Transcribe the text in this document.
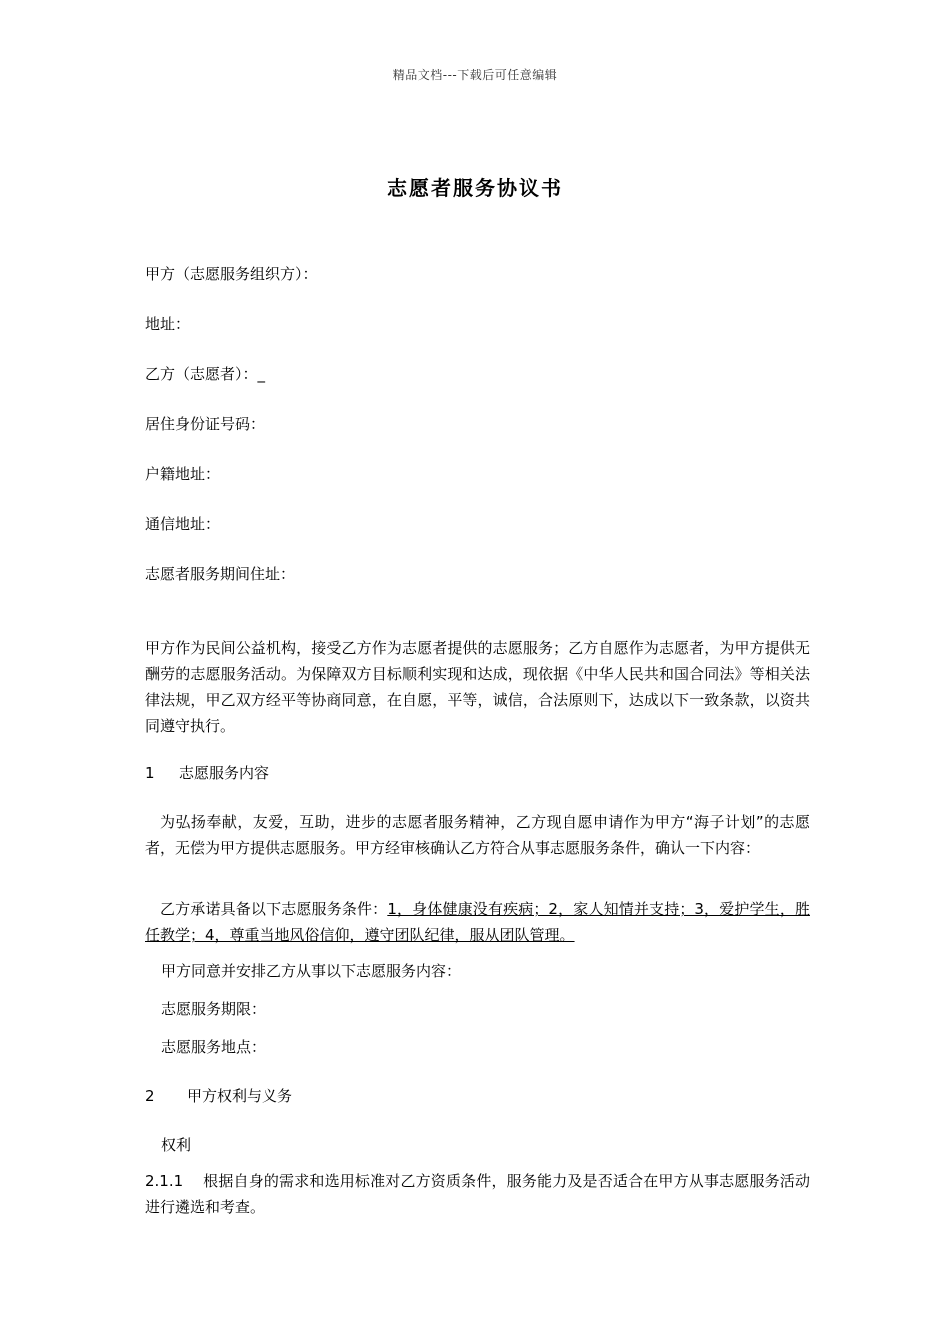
精品文档---下载后可任意编辑
志愿者服务协议书
甲方（志愿服务组织方）：
地址：
乙方（志愿者）：_
居住身份证号码：
户籍地址：
通信地址：
志愿者服务期间住址：
甲方作为民间公益机构，接受乙方作为志愿者提供的志愿服务；乙方自愿作为志愿者，为甲方提供无酬劳的志愿服务活动。为保障双方目标顺利实现和达成，现依据《中华人民共和国合同法》等相关法律法规，甲乙双方经平等协商同意，在自愿，平等，诚信，合法原则下，达成以下一致条款，以资共同遵守执行。
1 志愿服务内容
为弘扬奉献，友爱，互助，进步的志愿者服务精神，乙方现自愿申请作为甲方“海子计划”的志愿者，无偿为甲方提供志愿服务。甲方经审核确认乙方符合从事志愿服务条件，确认一下内容：
乙方承诺具备以下志愿服务条件：1，身体健康没有疾病；2，家人知情并支持；3，爱护学生，胜任教学；4，尊重当地风俗信仰，遵守团队纪律，服从团队管理。
甲方同意并安排乙方从事以下志愿服务内容：
志愿服务期限：
志愿服务地点：
2 甲方权利与义务
权利
2.1.1 根据自身的需求和选用标准对乙方资质条件，服务能力及是否适合在甲方从事志愿服务活动进行遴选和考查。
